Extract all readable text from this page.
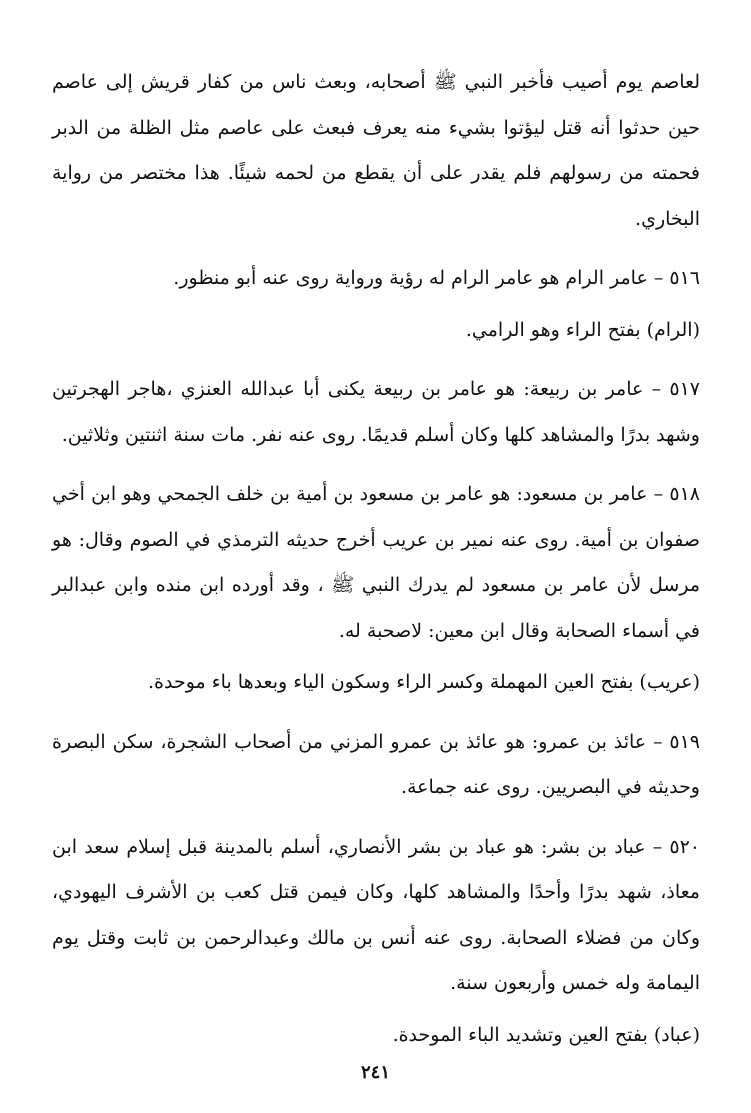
لعاصم يوم أصيب فأخبر النبي ﷺ أصحابه، وبعث ناس من كفار قريش إلى عاصم حين حدثوا أنه قتل ليؤتوا بشيء منه يعرف فبعث على عاصم مثل الظلة من الدبر فحمته من رسولهم فلم يقدر على أن يقطع من لحمه شيئًا. هذا مختصر من رواية البخاري.

٥١٦ – عامر الرام هو عامر الرام له رؤية ورواية روى عنه أبو منظور.

(الرام) بفتح الراء وهو الرامي.

٥١٧ – عامر بن ربيعة: هو عامر بن ربيعة يكنى أبا عبدالله العنزي ،هاجر الهجرتين وشهد بدرًا والمشاهد كلها وكان أسلم قديمًا. روى عنه نفر. مات سنة اثنتين وثلاثين.

٥١٨ – عامر بن مسعود: هو عامر بن مسعود بن أمية بن خلف الجمحي وهو ابن أخي صفوان بن أمية. روى عنه نمير بن عريب أخرج حديثه الترمذي في الصوم وقال: هو مرسل لأن عامر بن مسعود لم يدرك النبي ﷺ ، وقد أورده ابن منده وابن عبدالبر في أسماء الصحابة وقال ابن معين: لاصحبة له.

(عريب) بفتح العين المهملة وكسر الراء وسكون الياء وبعدها باء موحدة.

٥١٩ – عائذ بن عمرو: هو عائذ بن عمرو المزني من أصحاب الشجرة، سكن البصرة وحديثه في البصريين. روى عنه جماعة.

٥٢٠ – عباد بن بشر: هو عباد بن بشر الأنصاري، أسلم بالمدينة قبل إسلام سعد ابن معاذ، شهد بدرًا وأحدًا والمشاهد كلها، وكان فيمن قتل كعب بن الأشرف اليهودي، وكان من فضلاء الصحابة. روى عنه أنس بن مالك وعبدالرحمن بن ثابت وقتل يوم اليمامة وله خمس وأربعون سنة.

(عباد) بفتح العين وتشديد الباء الموحدة.

٢٤١
